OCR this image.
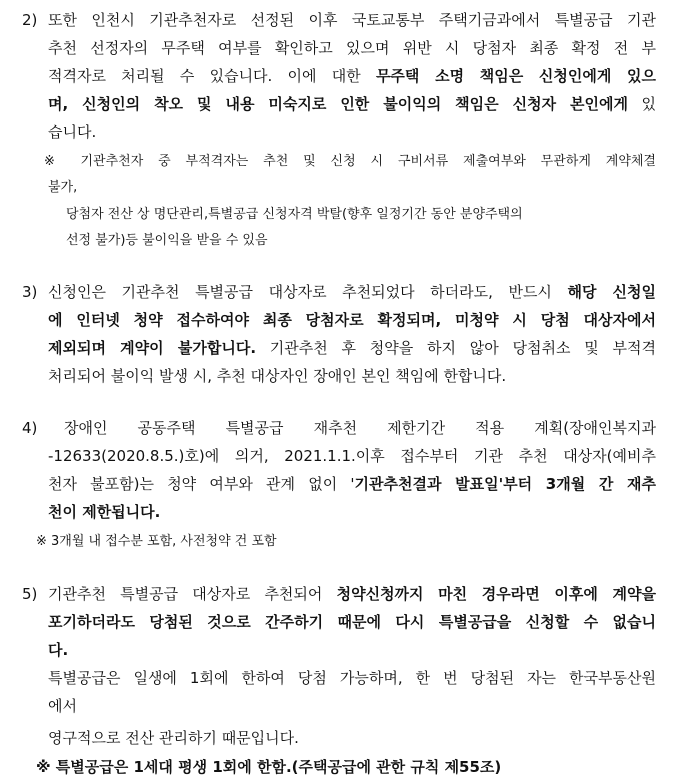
2) 또한 인천시 기관추천자로 선정된 이후 국토교통부 주택기금과에서 특별공급 기관
추천 선정자의 무주택 여부를 확인하고 있으며 위반 시 당첨자 최종 확정 전 부
적격자로 처리될 수 있습니다. 이에 대한 무주택 소명 책임은 신청인에게 있으
며, 신청인의 착오 및 내용 미숙지로 인한 불이익의 책임은 신청자 본인에게 있
습니다.
※ 기관추천자 중 부적격자는 추천 및 신청 시 구비서류 제출여부와 무관하게 계약체결
불가,
당첨자 전산 상 명단관리,특별공급 신청자격 박탈(향후 일정기간 동안 분양주택의
선정 불가)등 불이익을 받을 수 있음
3) 신청인은 기관추천 특별공급 대상자로 추천되었다 하더라도, 반드시 해당 신청일
에 인터넷 청약 접수하여야 최종 당첨자로 확정되며, 미청약 시 당첨 대상자에서
제외되며 계약이 불가합니다. 기관추천 후 청약을 하지 않아 당첨취소 및 부적격
처리되어 불이익 발생 시, 추천 대상자인 장애인 본인 책임에 한합니다.
4) 장애인 공동주택 특별공급 재추천 제한기간 적용 계획(장애인복지과
-12633(2020.8.5.)호)에 의거, 2021.1.1.이후 접수부터 기관 추천 대상자(예비추
천자 불포함)는 청약 여부와 관계 없이 '기관추천결과 발표일'부터 3개월 간 재추
천이 제한됩니다.
※ 3개월 내 접수분 포함, 사전청약 건 포함
5) 기관추천 특별공급 대상자로 추천되어 청약신청까지 마친 경우라면 이후에 계약을
포기하더라도 당첨된 것으로 간주하기 때문에 다시 특별공급을 신청할 수 없습니
다.
특별공급은 일생에 1회에 한하여 당첨 가능하며, 한 번 당첨된 자는 한국부동산원
에서
영구적으로 전산 관리하기 때문입니다.
※ 특별공급은 1세대 평생 1회에 한함.(주택공급에 관한 규칙 제55조)
